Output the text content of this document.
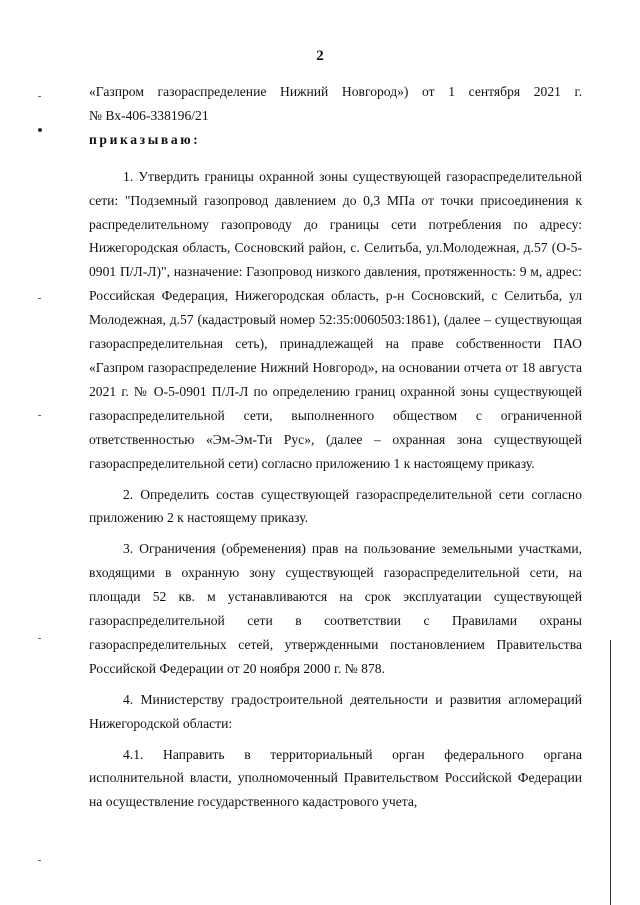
2

«Газпром газораспределение Нижний Новгород») от 1 сентября 2021 г.

№ Вх-406-338196/21

приказываю:

1. Утвердить границы охранной зоны существующей газораспределительной сети: "Подземный газопровод давлением до 0,3 МПа от точки присоединения к распределительному газопроводу до границы сети потребления по адресу: Нижегородская область, Сосновский район, с. Селитьба, ул.Молодежная, д.57 (О-5-0901 П/Л-Л)", назначение: Газопровод низкого давления, протяженность: 9 м, адрес: Российская Федерация, Нижегородская область, р-н Сосновский, с Селитьба, ул Молодежная, д.57 (кадастровый номер 52:35:0060503:1861), (далее – существующая газораспределительная сеть), принадлежащей на праве собственности ПАО «Газпром газораспределение Нижний Новгород», на основании отчета от 18 августа 2021 г. № О-5-0901 П/Л-Л по определению границ охранной зоны существующей газораспределительной сети, выполненного обществом с ограниченной ответственностью «Эм-Эм-Ти Рус», (далее – охранная зона существующей газораспределительной сети) согласно приложению 1 к настоящему приказу.

2. Определить состав существующей газораспределительной сети согласно приложению 2 к настоящему приказу.

3. Ограничения (обременения) прав на пользование земельными участками, входящими в охранную зону существующей газораспределительной сети, на площади 52 кв. м устанавливаются на срок эксплуатации существующей газораспределительной сети в соответствии с Правилами охраны газораспределительных сетей, утвержденными постановлением Правительства Российской Федерации от 20 ноября 2000 г. № 878.

4. Министерству градостроительной деятельности и развития агломераций Нижегородской области:

4.1. Направить в территориальный орган федерального органа исполнительной власти, уполномоченный Правительством Российской Федерации на осуществление государственного кадастрового учета,
